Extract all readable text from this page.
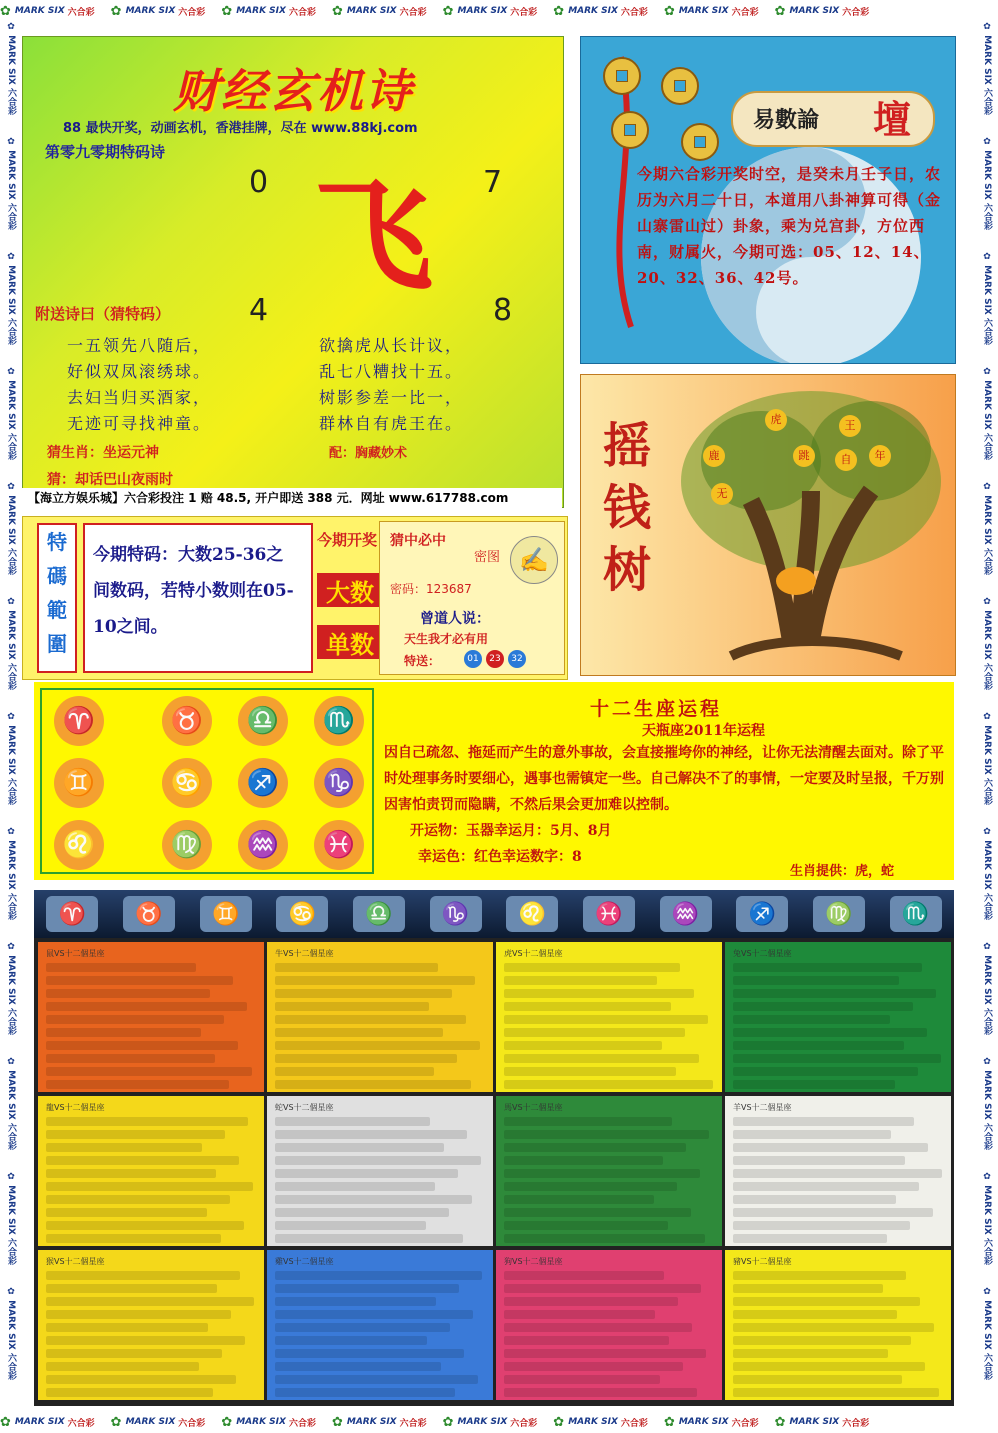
✿ MARK SIX 六合彩 ✿ MARK SIX 六合彩 ✿ MARK SIX 六合彩 ✿ MARK SIX 六合彩 ✿ MARK SIX 六合彩 ✿ MARK SIX 六合彩 ✿ MARK SIX 六合彩 ✿ MARK SIX 六合彩
✿ MARK SIX 六合彩 ✿ MARK SIX 六合彩 ✿ MARK SIX 六合彩 ✿ MARK SIX 六合彩 ✿ MARK SIX 六合彩 ✿ MARK SIX 六合彩 ✿ MARK SIX 六合彩 ✿ MARK SIX 六合彩
✿ MARK SIX 六合彩
✿ MARK SIX 六合彩
✿ MARK SIX 六合彩
✿ MARK SIX 六合彩
✿ MARK SIX 六合彩
✿ MARK SIX 六合彩
✿ MARK SIX 六合彩
✿ MARK SIX 六合彩
✿ MARK SIX 六合彩
✿ MARK SIX 六合彩
✿ MARK SIX 六合彩
✿ MARK SIX 六合彩
✿ MARK SIX 六合彩
✿ MARK SIX 六合彩
✿ MARK SIX 六合彩
✿ MARK SIX 六合彩
✿ MARK SIX 六合彩
✿ MARK SIX 六合彩
✿ MARK SIX 六合彩
✿ MARK SIX 六合彩
✿ MARK SIX 六合彩
✿ MARK SIX 六合彩
✿ MARK SIX 六合彩
✿ MARK SIX 六合彩
财经玄机诗
88 最快开奖，动画玄机，香港挂牌，尽在 www.88kj.com
第零九零期特码诗
0	7
4	8
飞
附送诗曰（猜特码）
一五领先八随后，
好似双凤滚绣球。
去妇当归买酒家，
无迹可寻找神童。
欲擒虎从长计议，
乱七八糟找十五。
树影参差一比一，
群林自有虎王在。
猜生肖：坐运元神
猜：却话巴山夜雨时
配：胸藏妙术
【海立方娱乐城】六合彩投注 1 赔 48.5, 开户即送 388 元．网址 www.617788.com
易數論 壇
今期六合彩开奖时空，是癸未月壬子日，农历为六月二十日，本道用八卦神算可得（金山寨雷山过）卦象，乘为兑宫卦，方位西南，财属火，今期可选：05、12、14、20、32、36、42号。
摇
钱
树
虎	王
鹿	跳	自	年
无
特
碼
範
圍
今期特码：大数25-36之间数码，若特小数则在05-10之间。
今期开奖
大数
单数
猜中必中
密图 ✍
密码：123687
曾道人说：
天生我才必有用
特送：	01	23	32
♈	♉	♎	♏
♊	♋	♐	♑
♌	♍	♒	♓
十二生座运程
天瓶座2011年运程
因自己疏忽、拖延而产生的意外事故，会直接摧垮你的神经，让你无法清醒去面对。除了平时处理事务时要细心，遇事也需镇定一些。自己解决不了的事情，一定要及时呈报，千万别因害怕责罚而隐瞒，不然后果会更加难以控制。
开运物：玉器幸运月：5月、8月
幸运色：红色幸运数字：8
生肖提供：虎，蛇
♈	♉	♊	♋	♎	♑	♌	♓	♒	♐	♍	♏
鼠VS十二個星座	牛VS十二個星座	虎VS十二個星座	兔VS十二個星座
龍VS十二個星座	蛇VS十二個星座	馬VS十二個星座	羊VS十二個星座
猴VS十二個星座	雞VS十二個星座	狗VS十二個星座	豬VS十二個星座
